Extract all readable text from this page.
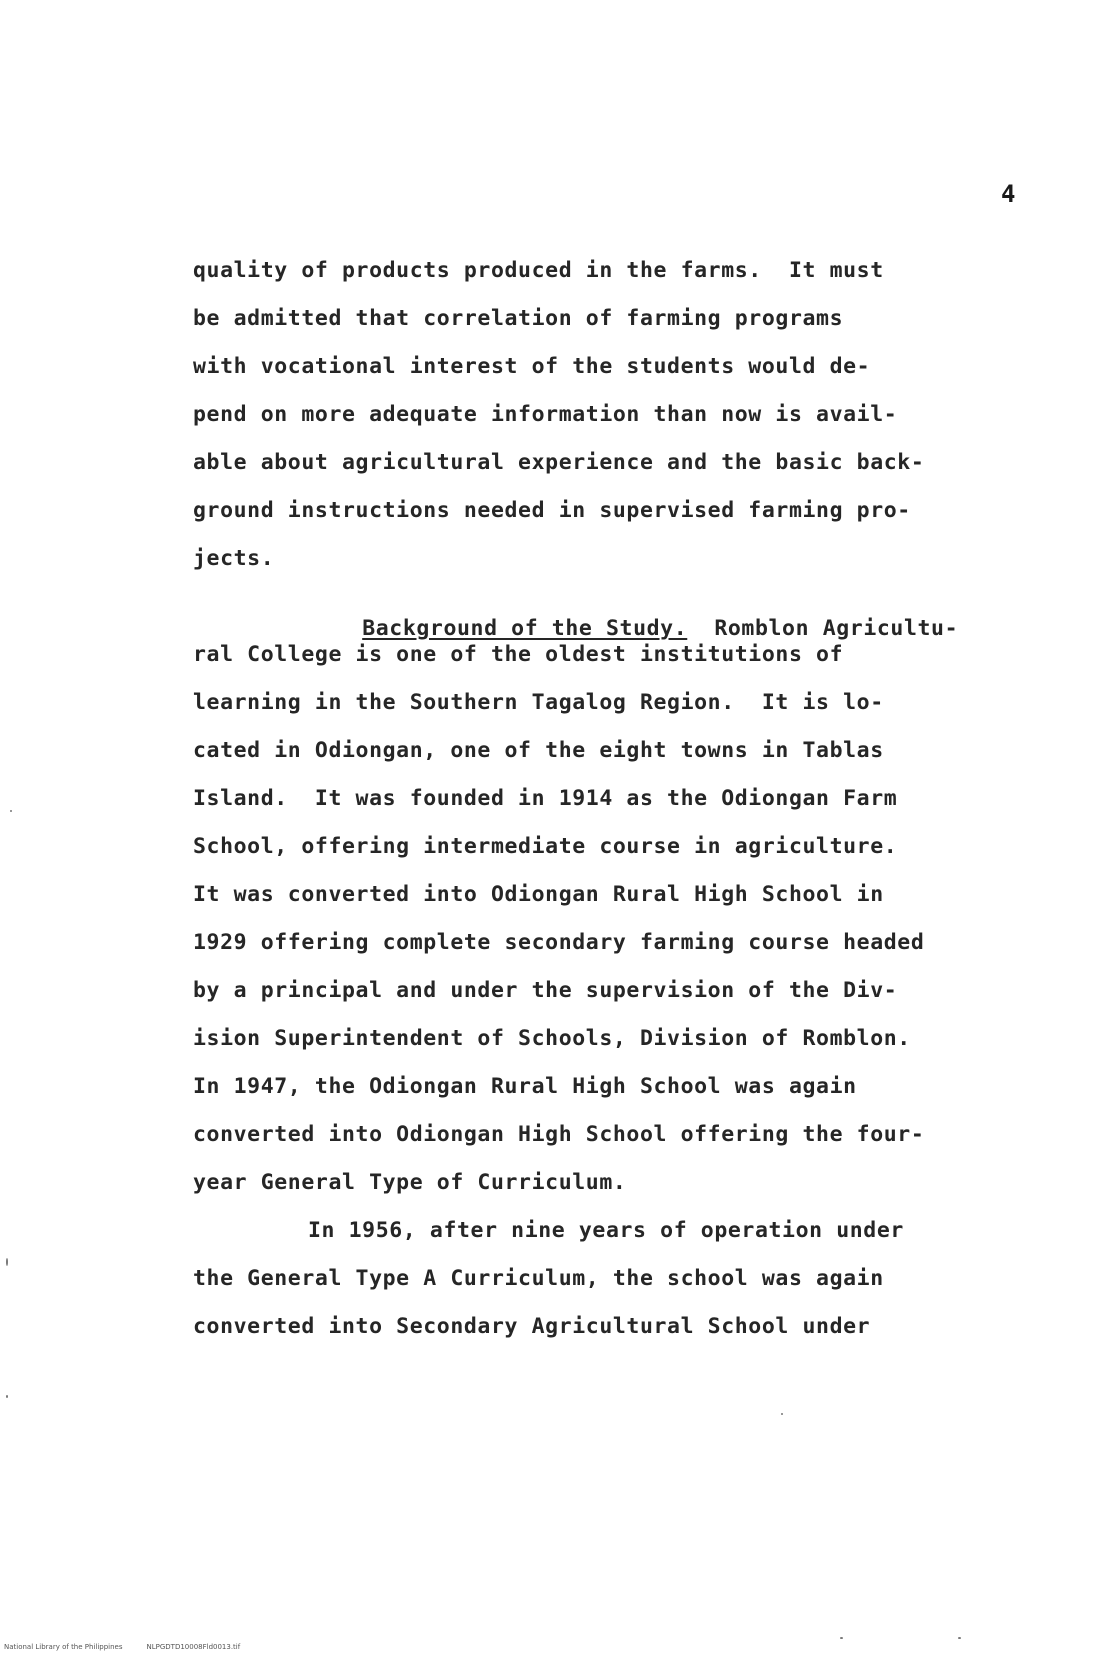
4
quality of products produced in the farms.  It must
be admitted that correlation of farming programs
with vocational interest of the students would de-
pend on more adequate information than now is avail-
able about agricultural experience and the basic back-
ground instructions needed in supervised farming pro-
jects.

Background of the Study.  Romblon Agricultu-

ral College is one of the oldest institutions of
learning in the Southern Tagalog Region.  It is lo-
cated in Odiongan, one of the eight towns in Tablas
Island.  It was founded in 1914 as the Odiongan Farm
School, offering intermediate course in agriculture.
It was converted into Odiongan Rural High School in
1929 offering complete secondary farming course headed
by a principal and under the supervision of the Div-
ision Superintendent of Schools, Division of Romblon.
In 1947, the Odiongan Rural High School was again
converted into Odiongan High School offering the four-
year General Type of Curriculum.
In 1956, after nine years of operation under
the General Type A Curriculum, the school was again
converted into Secondary Agricultural School under
National Library of the Philippines	NLPGDTD10008Fld0013.tif
